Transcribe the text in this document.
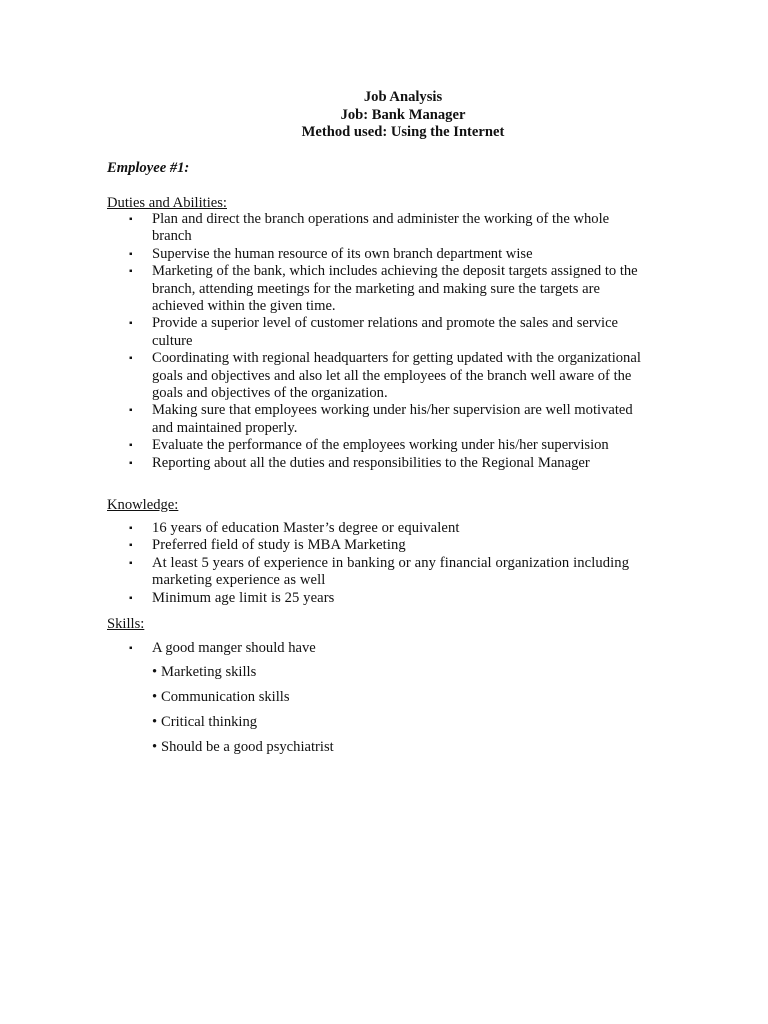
Job Analysis
Job: Bank Manager
Method used: Using the Internet
Employee #1:
Duties and Abilities:
▪ Plan and direct the branch operations and administer the working of the whole branch
▪ Supervise the human resource of its own branch department wise
▪ Marketing of the bank, which includes achieving the deposit targets assigned to the branch, attending meetings for the marketing and making sure the targets are achieved within the given time.
▪ Provide a superior level of customer relations and promote the sales and service culture
▪ Coordinating with regional headquarters for getting updated with the organizational goals and objectives and also let all the employees of the branch well aware of the goals and objectives of the organization.
▪ Making sure that employees working under his/her supervision are well motivated and maintained properly.
▪ Evaluate the performance of the employees working under his/her supervision
▪ Reporting about all the duties and responsibilities to the Regional Manager
Knowledge:
▪ 16 years of education Master’s degree or equivalent
▪ Preferred field of study is MBA Marketing
▪ At least 5 years of experience in banking or any financial organization including marketing experience as well
▪ Minimum age limit is 25 years
Skills:
▪ A good manger should have
• Marketing skills
• Communication skills
• Critical thinking
• Should be a good psychiatrist
